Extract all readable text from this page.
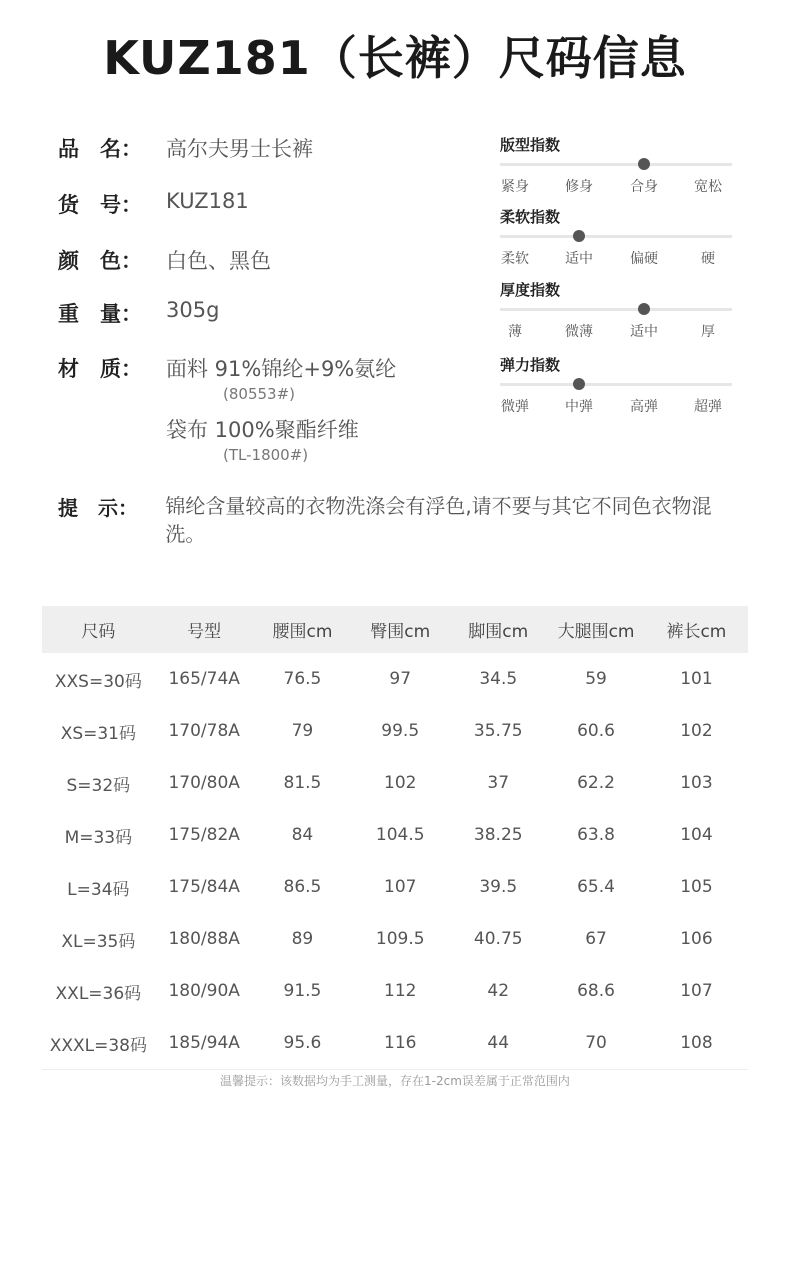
KUZ181（长裤）尺码信息
品　名：	高尔夫男士长裤
货　号：	KUZ181
颜　色：	白色、黑色
重　量：	305g
材　质：	面料 91%锦纶+9%氨纶
(80553#)
袋布 100%聚酯纤维
(TL-1800#)
提　示：	锦纶含量较高的衣物洗涤会有浮色,请不要与其它不同色衣物混洗。
版型指数
紧身	修身	合身	宽松
柔软指数
柔软	适中	偏硬	硬
厚度指数
薄	微薄	适中	厚
弹力指数
微弹	中弹	高弹	超弹
尺码	号型	腰围cm	臀围cm	脚围cm	大腿围cm	裤长cm
XXS=30码	165/74A	76.5	97	34.5	59	101
XS=31码	170/78A	79	99.5	35.75	60.6	102
S=32码	170/80A	81.5	102	37	62.2	103
M=33码	175/82A	84	104.5	38.25	63.8	104
L=34码	175/84A	86.5	107	39.5	65.4	105
XL=35码	180/88A	89	109.5	40.75	67	106
XXL=36码	180/90A	91.5	112	42	68.6	107
XXXL=38码	185/94A	95.6	116	44	70	108
温馨提示：该数据均为手工测量，存在1-2cm误差属于正常范围内
